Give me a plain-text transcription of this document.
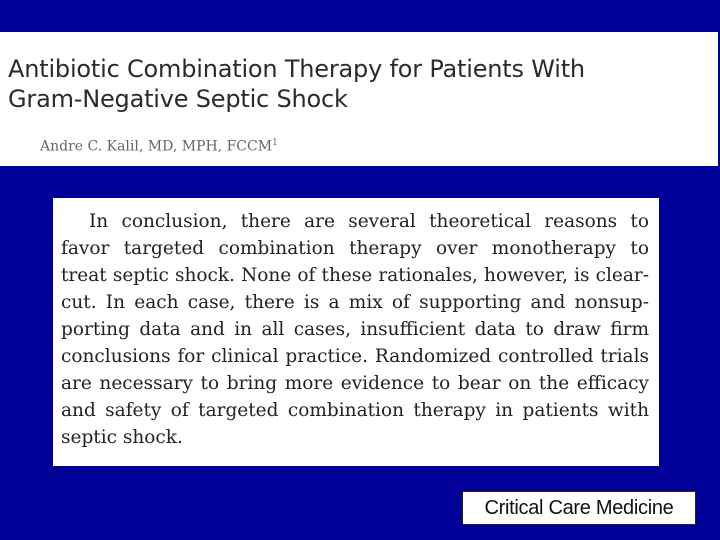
Antibiotic Combination Therapy for Patients With
Gram-Negative Septic Shock
Andre C. Kalil, MD, MPH, FCCM$^1$

In conclusion, there are several theoretical reasons to favor targeted combination therapy over monotherapy to treat septic shock. None of these rationales, however, is clear-cut. In each case, there is a mix of supporting and nonsupporting data and in all cases, insufficient data to draw firm conclusions for clinical practice. Randomized controlled trials are necessary to bring more evidence to bear on the efficacy and safety of targeted combination therapy in patients with septic shock.

Critical Care Medicine
